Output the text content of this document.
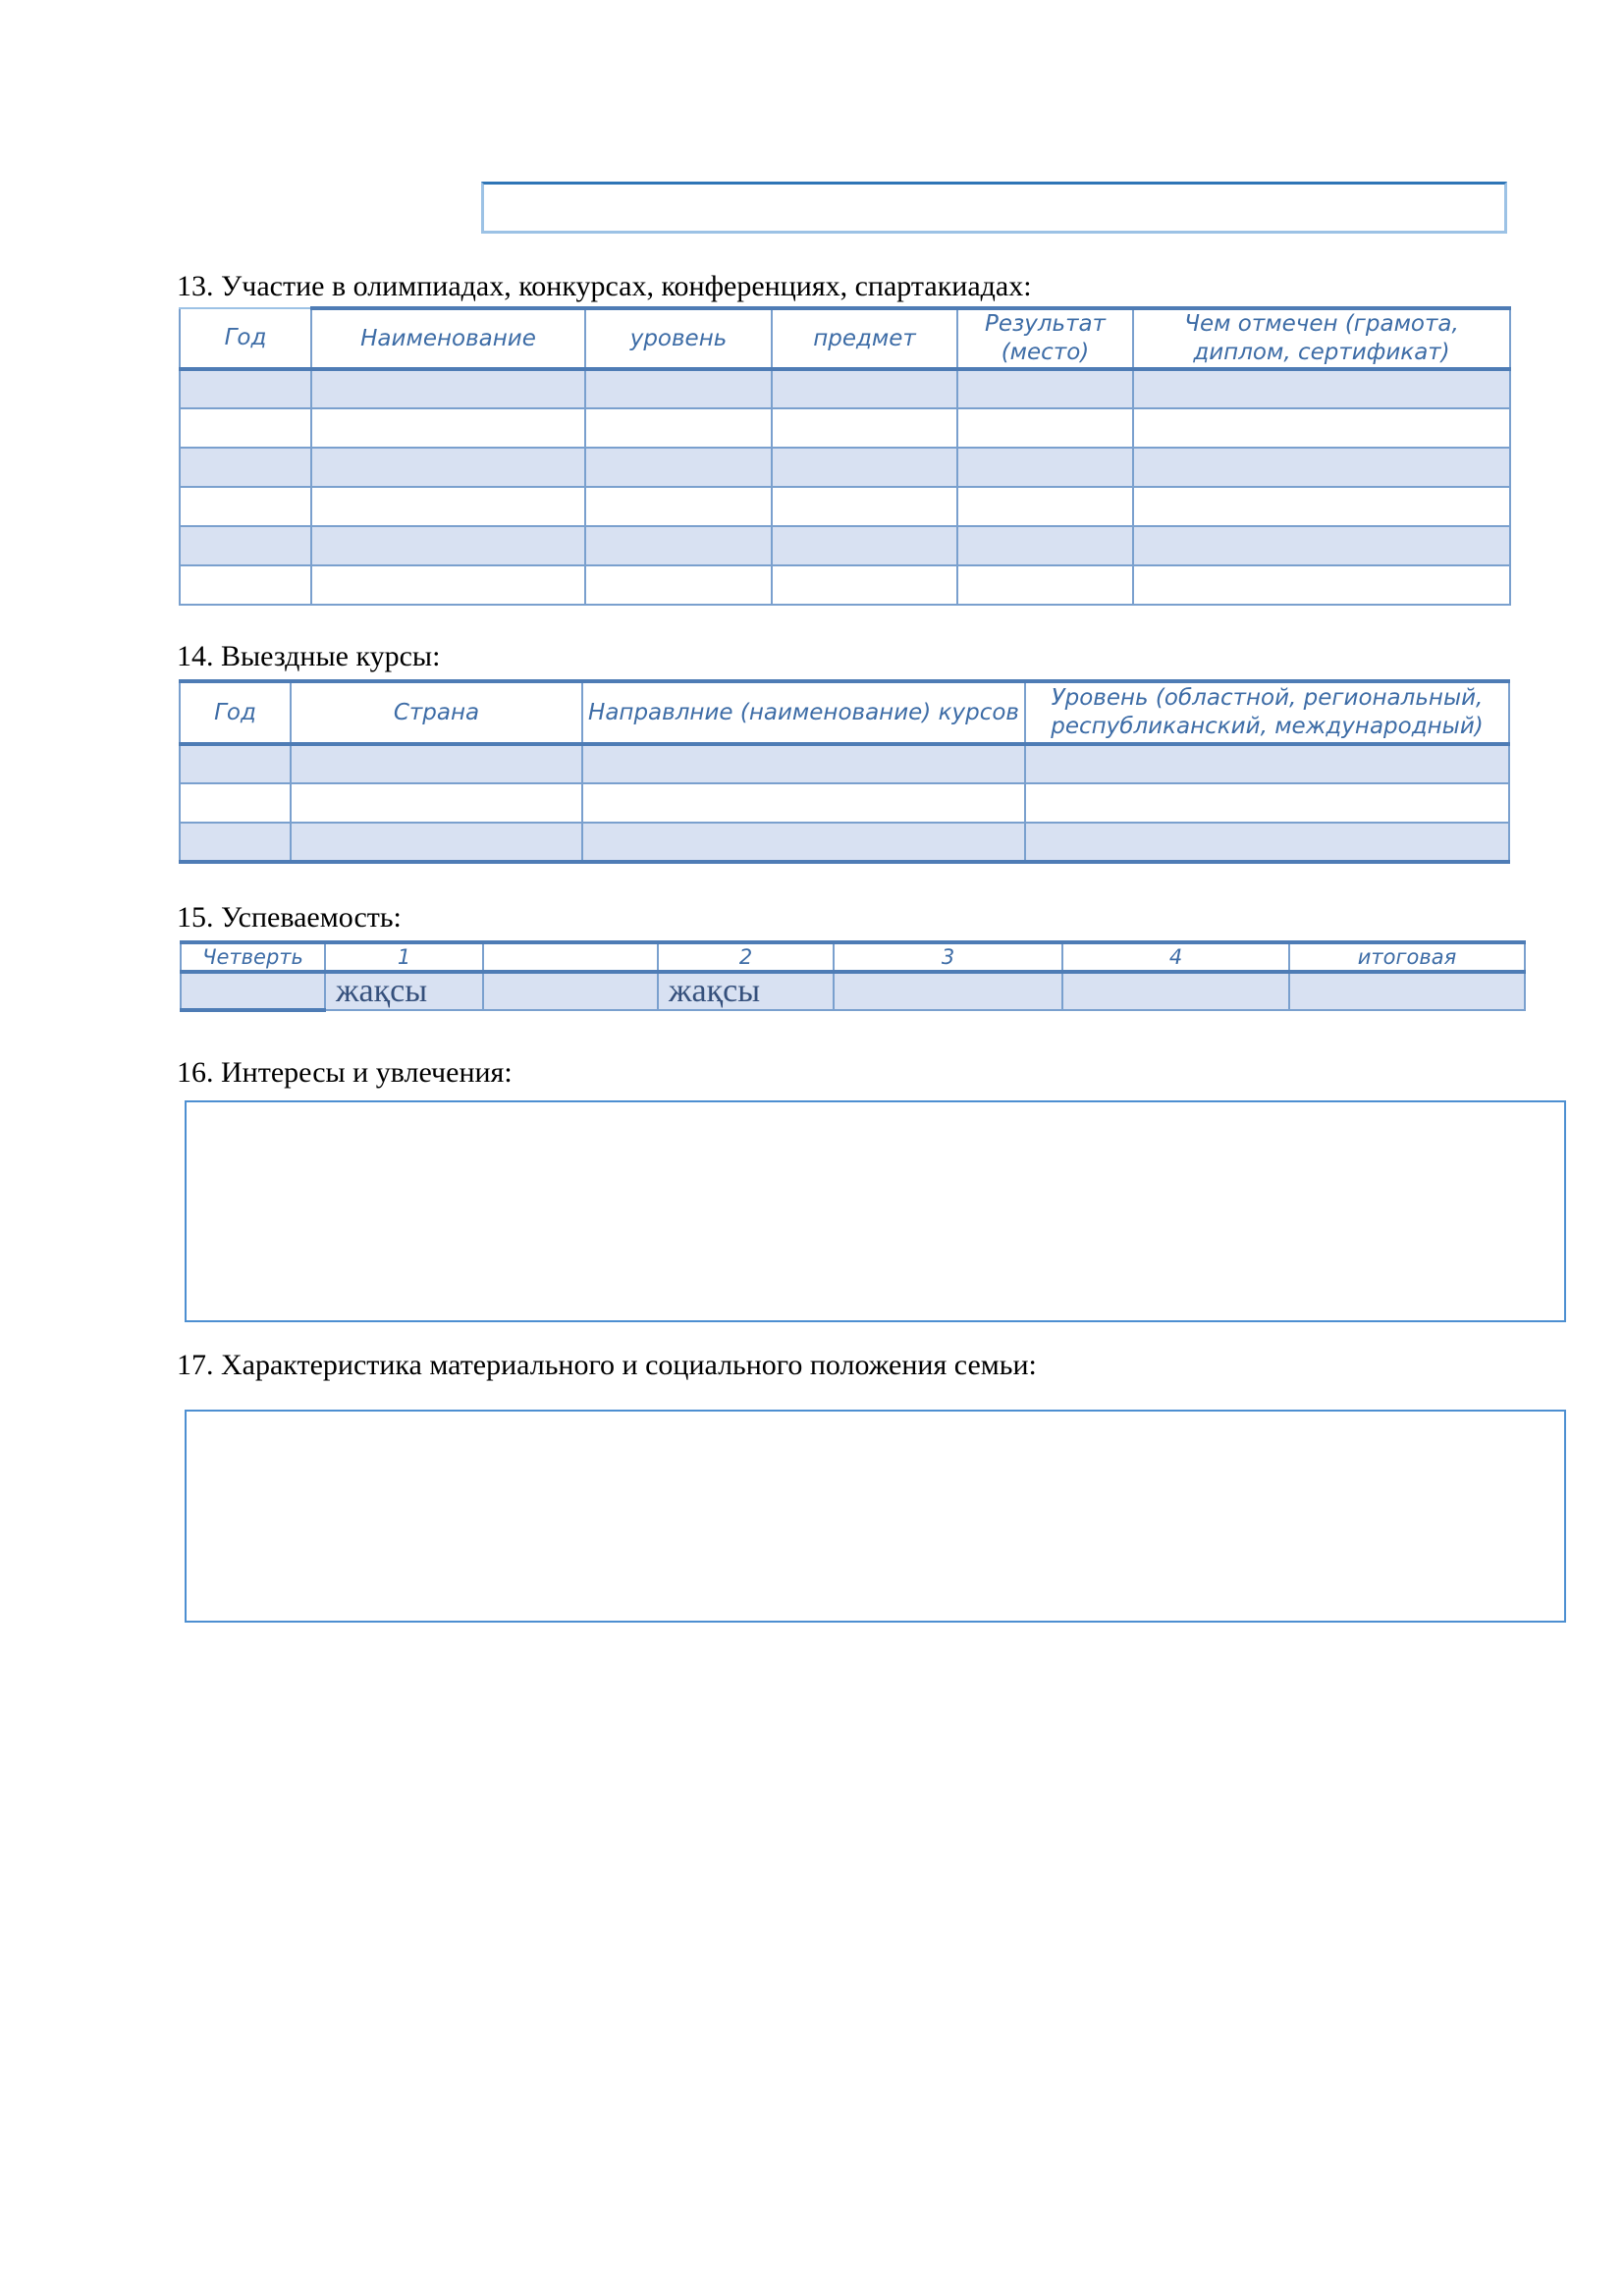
13. Участие в олимпиадах, конкурсах, конференциях, спартакиадах:
Год	Наименование	уровень	предмет	Результат (место)	Чем отмечен (грамота, диплом, сертификат)

14. Выездные курсы:
Год	Страна	Направлние (наименование) курсов	Уровень (областной, региональный, республиканский, международный)

15. Успеваемость:
Четверть	1		2	3	4	итоговая
	жақсы		жақсы			
16. Интересы и увлечения:
17. Характеристика материального и социального положения семьи:
